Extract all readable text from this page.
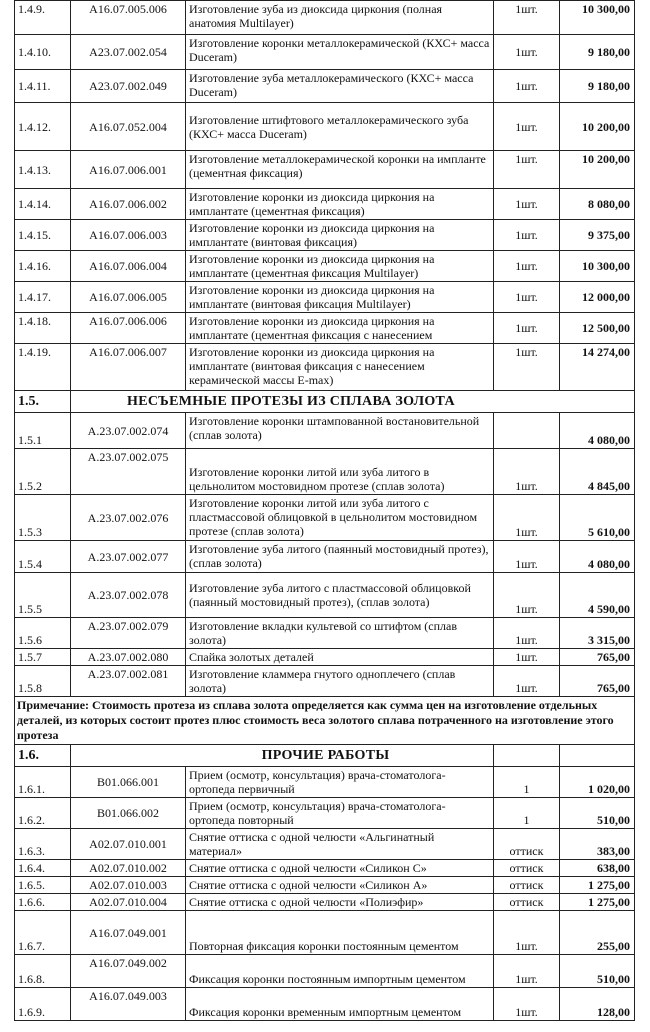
1.4.9.	A16.07.005.006	Изготовление зуба из диоксида циркония (полная анатомия Multilayer)	1шт.	10 300,00
1.4.10.	A23.07.002.054	Изготовление коронки металлокерамической (КХС+ масса Duceram)	1шт.	9 180,00
1.4.11.	A23.07.002.049	Изготовление зуба металлокерамического (КХС+ масса Duceram)	1шт.	9 180,00
1.4.12.	A16.07.052.004	Изготовление штифтового металлокерамического зуба (КХС+ масса Duceram)	1шт.	10 200,00
1.4.13.	A16.07.006.001	Изготовление металлокерамической коронки на импланте (цементная фиксация)	1шт.	10 200,00
1.4.14.	A16.07.006.002	Изготовление коронки из диоксида циркония на имплантате (цементная фиксация)	1шт.	8 080,00
1.4.15.	A16.07.006.003	Изготовление коронки из диоксида циркония на имплантате (винтовая фиксация)	1шт.	9 375,00
1.4.16.	A16.07.006.004	Изготовление коронки из диоксида циркония на имплантате (цементная фиксация Multilayer)	1шт.	10 300,00
1.4.17.	A16.07.006.005	Изготовление коронки из диоксида циркония на имплантате (винтовая фиксация Multilayer)	1шт.	12 000,00
1.4.18.	A16.07.006.006	Изготовление коронки из диоксида циркония на имплантате (цементная фиксация с нанесением	1шт.	12 500,00
1.4.19.	A16.07.006.007	Изготовление коронки из диоксида циркония на имплантате (винтовая фиксация с нанесением керамической массы E-max)	1шт.	14 274,00
1.5.	НЕСЪЕМНЫЕ ПРОТЕЗЫ ИЗ СПЛАВА ЗОЛОТА			
1.5.1	A.23.07.002.074	Изготовление коронки штампованной востановительной (сплав золота)		4 080,00
1.5.2	A.23.07.002.075	Изготовление коронки литой или зуба литого в цельнолитом мостовидном протезе (сплав золота)	1шт.	4 845,00
1.5.3	A.23.07.002.076	Изготовление коронки литой или зуба литого с пластмассовой облицовкой в цельнолитом мостовидном протезе (сплав золота)	1шт.	5 610,00
1.5.4	A.23.07.002.077	Изготовление зуба литого (паянный мостовидный протез), (сплав золота)	1шт.	4 080,00
1.5.5	A.23.07.002.078	Изготовление зуба литого с пластмассовой облицовкой (паянный мостовидный протез), (сплав золота)	1шт.	4 590,00
1.5.6	A.23.07.002.079	Изготовление вкладки культевой со штифтом (сплав золота)	1шт.	3 315,00
1.5.7	A.23.07.002.080	Спайка золотых деталей	1шт.	765,00
1.5.8	A.23.07.002.081	Изготовление кламмера гнутого одноплечего (сплав золота)	1шт.	765,00
Примечание: Стоимость протеза из сплава золота определяется как сумма цен на изготовление отдельных деталей, из которых состоит протез плюс стоимость веса золотого сплава потраченного на изготовление этого протеза				
1.6.	ПРОЧИЕ РАБОТЫ			
1.6.1.	B01.066.001	Прием (осмотр, консультация) врача-стоматолога-ортопеда первичный	1	1 020,00
1.6.2.	B01.066.002	Прием (осмотр, консультация) врача-стоматолога-ортопеда повторный	1	510,00
1.6.3.	A02.07.010.001	Снятие оттиска с одной челюсти «Альгинатный материал»	оттиск	383,00
1.6.4.	A02.07.010.002	Снятие оттиска с одной челюсти «Силикон С»	оттиск	638,00
1.6.5.	A02.07.010.003	Снятие оттиска с одной челюсти «Силикон А»	оттиск	1 275,00
1.6.6.	A02.07.010.004	Снятие оттиска с одной челюсти «Полиэфир»	оттиск	1 275,00
1.6.7.	A16.07.049.001	Повторная фиксация коронки постоянным цементом	1шт.	255,00
1.6.8.	A16.07.049.002	Фиксация коронки постоянным импортным цементом	1шт.	510,00
1.6.9.	A16.07.049.003	Фиксация коронки временным импортным цементом	1шт.	128,00
